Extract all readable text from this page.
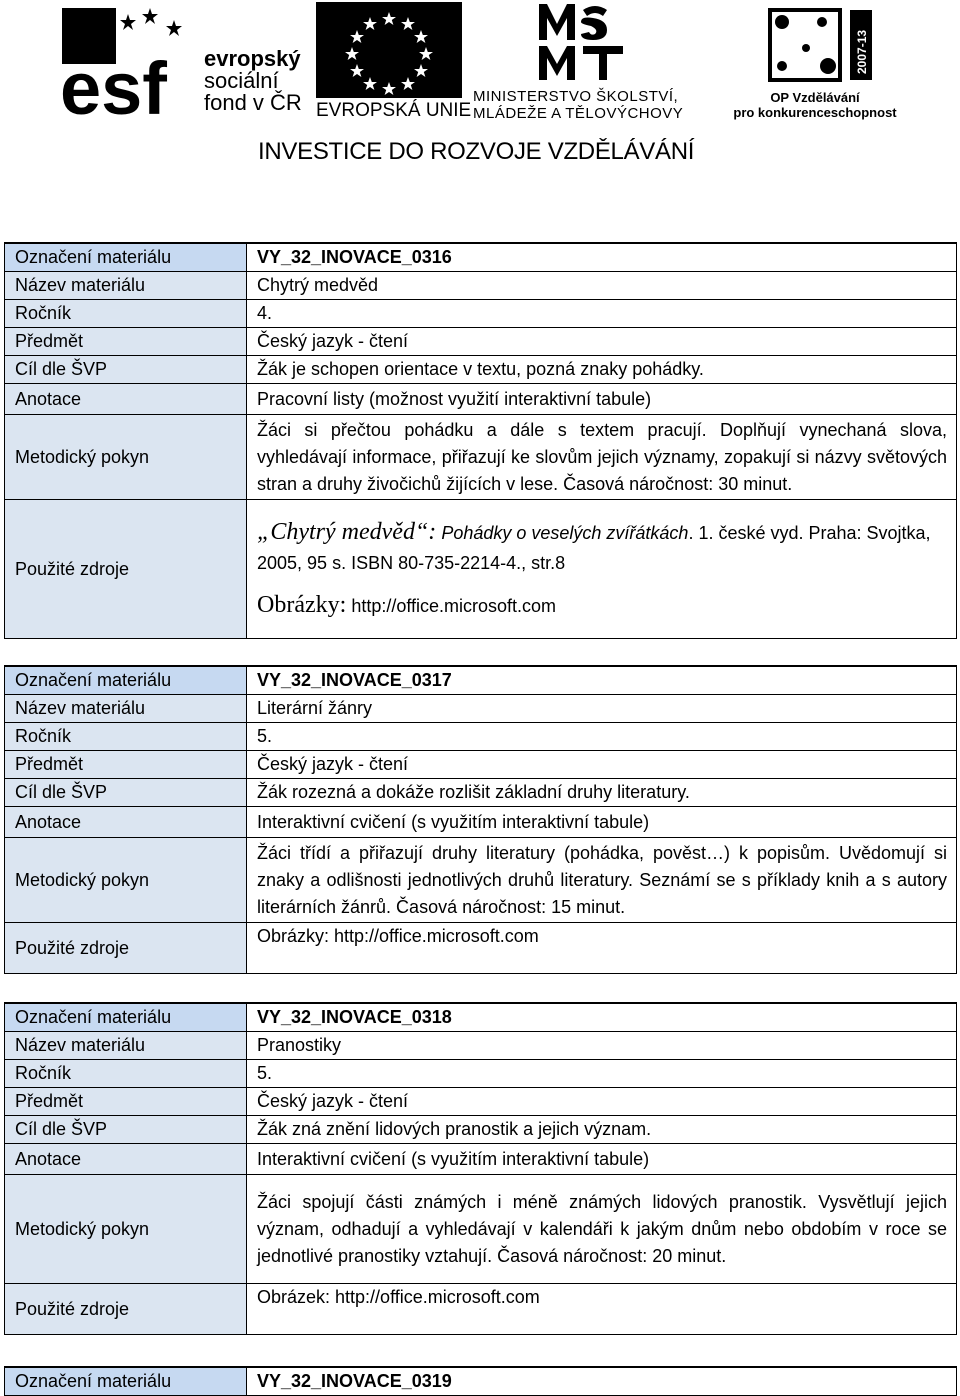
esf evropský
sociální
fond v ČR EVROPSKÁ UNIE
MINISTERSTVO ŠKOLSTVÍ,
MLÁDEŽE A TĚLOVÝCHOVY
2007-13
OP Vzdělávání
pro konkurenceschopnost
INVESTICE DO ROZVOJE VZDĚLÁVÁNÍ
Označení materiálu	VY_32_INOVACE_0316
Název materiálu	Chytrý medvěd
Ročník	4.
Předmět	Český jazyk - čtení
Cíl dle ŠVP	Žák je schopen orientace v textu, pozná znaky pohádky.
Anotace	Pracovní listy (možnost využití interaktivní tabule)
Metodický pokyn	Žáci si přečtou pohádku a dále s textem pracují. Doplňují vynechaná slova, vyhledávají informace, přiřazují ke slovům jejich významy, zopakují si názvy světových stran a druhy živočichů žijících v lese. Časová náročnost: 30 minut.
Použité zdroje	„Chytrý medvěd“: Pohádky o veselých zvířátkách. 1. české vyd. Praha: Svojtka, 2005, 95 s. ISBN 80-735-2214-4., str.8
Obrázky: http://office.microsoft.com
Označení materiálu	VY_32_INOVACE_0317
Název materiálu	Literární žánry
Ročník	5.
Předmět	Český jazyk - čtení
Cíl dle ŠVP	Žák rozezná a dokáže rozlišit základní druhy literatury.
Anotace	Interaktivní cvičení (s využitím interaktivní tabule)
Metodický pokyn	Žáci třídí a přiřazují druhy literatury (pohádka, pověst…) k popisům. Uvědomují si znaky a odlišnosti jednotlivých druhů literatury. Seznámí se s příklady knih a s autory literárních žánrů. Časová náročnost: 15 minut.
Použité zdroje	Obrázky: http://office.microsoft.com
Označení materiálu	VY_32_INOVACE_0318
Název materiálu	Pranostiky
Ročník	5.
Předmět	Český jazyk - čtení
Cíl dle ŠVP	Žák zná znění lidových pranostik a jejich význam.
Anotace	Interaktivní cvičení (s využitím interaktivní tabule)
Metodický pokyn	Žáci spojují části známých i méně známých lidových pranostik. Vysvětlují jejich význam, odhadují a vyhledávají v kalendáři k jakým dnům nebo obdobím v roce se jednotlivé pranostiky vztahují. Časová náročnost: 20 minut.
Použité zdroje	Obrázek: http://office.microsoft.com
Označení materiálu	VY_32_INOVACE_0319
